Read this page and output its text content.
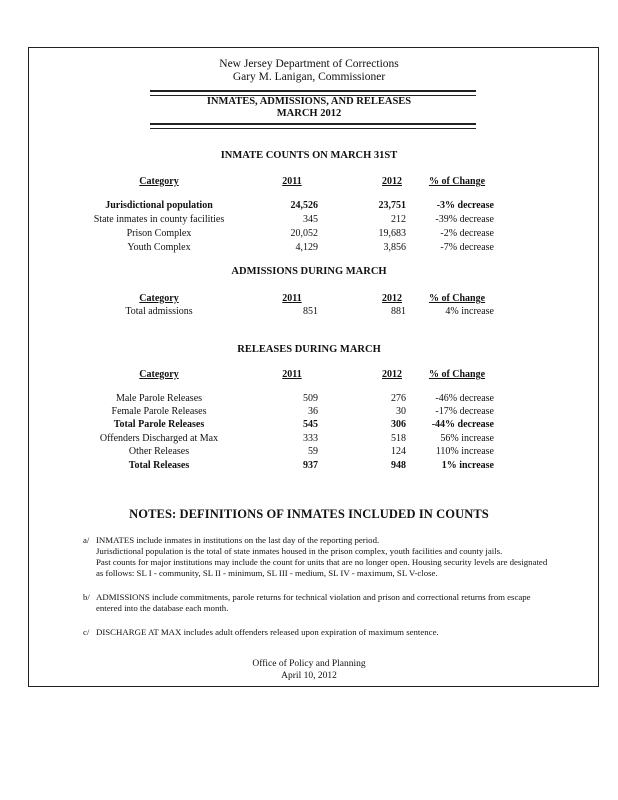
New Jersey Department of Corrections
Gary M. Lanigan, Commissioner
INMATES, ADMISSIONS, AND RELEASES
MARCH 2012
INMATE COUNTS ON MARCH 31ST
Category	2011	2012	% of Change
Jurisdictional population	24,526	23,751	-3% decrease
State inmates in county facilities	345	212	-39% decrease
Prison Complex	20,052	19,683	-2% decrease
Youth Complex	4,129	3,856	-7% decrease
ADMISSIONS DURING MARCH
Category	2011	2012	% of Change
Total admissions	851	881	4% increase
RELEASES DURING MARCH
Category	2011	2012	% of Change
Male Parole Releases	509	276	-46% decrease
Female Parole Releases	36	30	-17% decrease
Total Parole Releases	545	306	-44% decrease
Offenders Discharged at Max	333	518	56% increase
Other Releases	59	124	110% increase
Total Releases	937	948	1% increase
NOTES: DEFINITIONS OF INMATES INCLUDED IN COUNTS
a/ INMATES include inmates in institutions on the last day of the reporting period.
Jurisdictional population is the total of state inmates housed in the prison complex, youth facilities and county jails.
Past counts for major institutions may include the count for units that are no longer open. Housing security levels are designated
as follows: SL I - community, SL II - minimum, SL III - medium, SL IV - maximum, SL V-close.
b/ ADMISSIONS include commitments, parole returns for technical violation and prison and correctional returns from escape
entered into the database each month.
c/ DISCHARGE AT MAX includes adult offenders released upon expiration of maximum sentence.
Office of Policy and Planning
April 10, 2012
